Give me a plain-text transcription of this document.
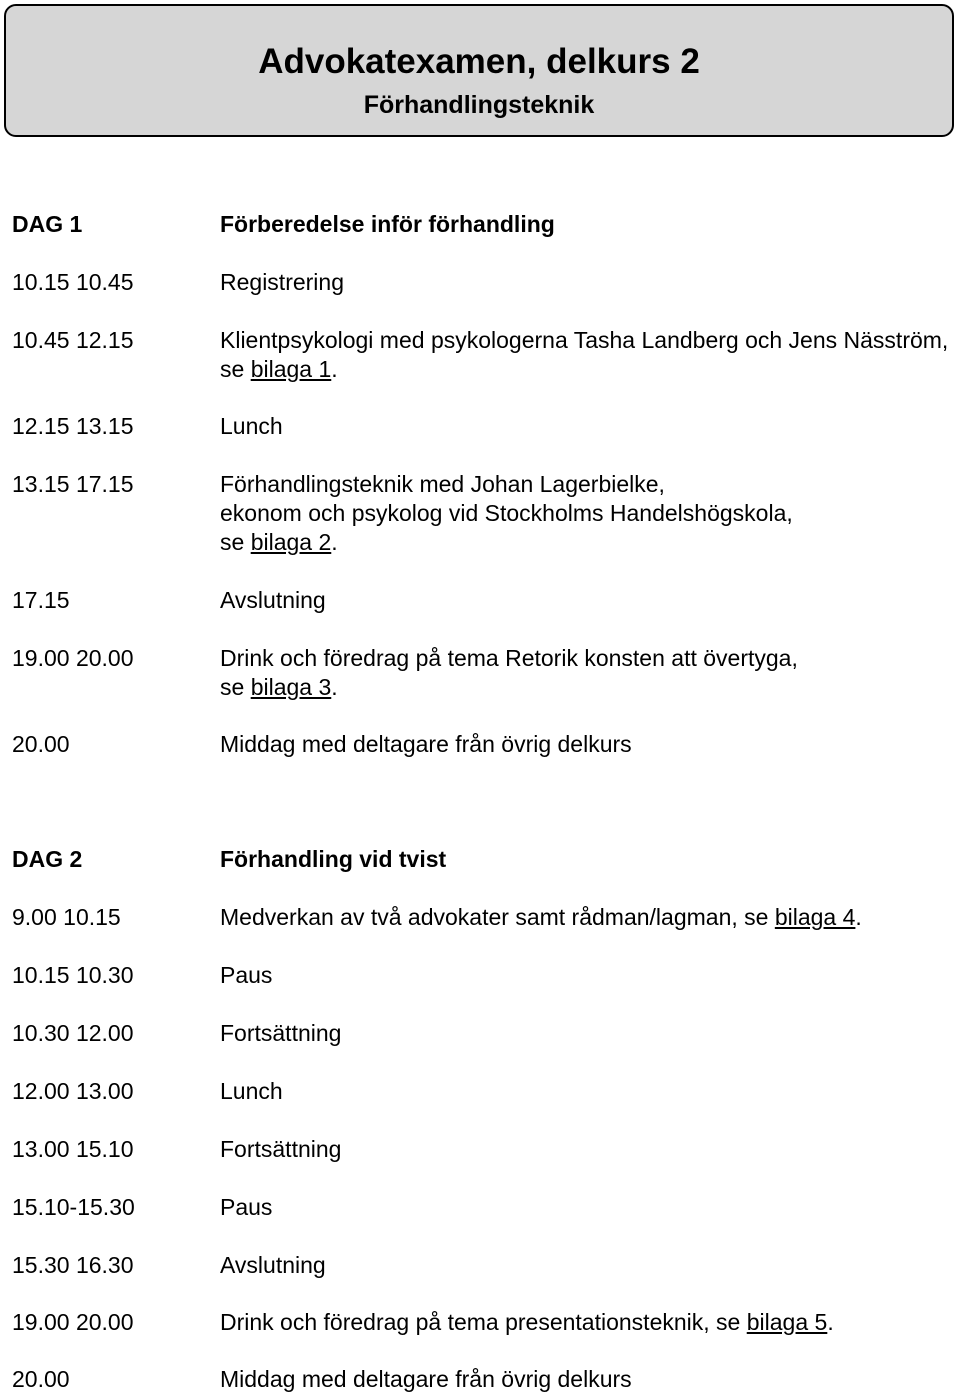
Advokatexamen, delkurs 2
Förhandlingsteknik
DAG 1	Förberedelse inför förhandling
10.15 10.45	Registrering
10.45 12.15	Klientpsykologi med psykologerna Tasha Landberg och Jens Näsström, se bilaga 1.
12.15 13.15	Lunch
13.15 17.15	Förhandlingsteknik med Johan Lagerbielke,
ekonom och psykolog vid Stockholms Handelshögskola,
se bilaga 2.
17.15	Avslutning
19.00 20.00	Drink och föredrag på tema Retorik konsten att övertyga,
se bilaga 3.
20.00	Middag med deltagare från övrig delkurs
DAG 2	Förhandling vid tvist
9.00 10.15	Medverkan av två advokater samt rådman/lagman, se bilaga 4.
10.15 10.30	Paus
10.30 12.00	Fortsättning
12.00 13.00	Lunch
13.00 15.10	Fortsättning
15.10-15.30	Paus
15.30 16.30	Avslutning
19.00 20.00	Drink och föredrag på tema presentationsteknik, se bilaga 5.
20.00	Middag med deltagare från övrig delkurs
